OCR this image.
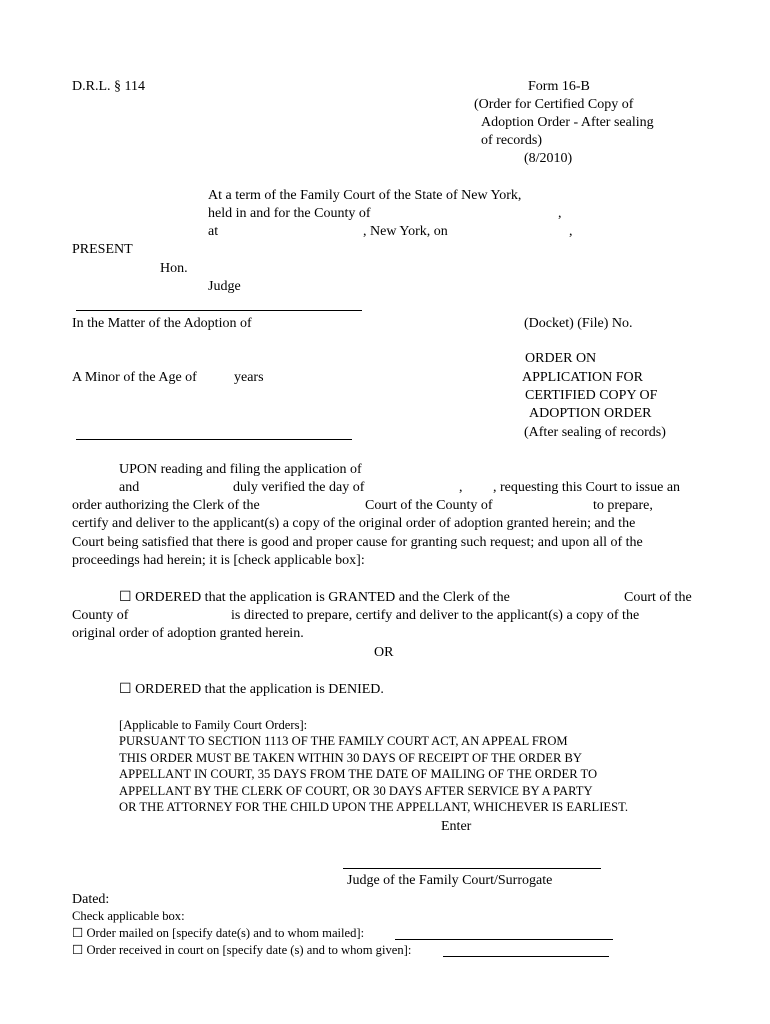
D.R.L. § 114	Form 16-B
(Order for Certified Copy of
Adoption Order - After sealing
of records)
(8/2010)
At a term of the Family Court of the State of New York,
held in and for the County of	,
at	, New York, on	,
PRESENT
Hon.
Judge
In the Matter of the Adoption of	(Docket) (File) No.
ORDER ON
A Minor of the Age of	years	APPLICATION FOR
CERTIFIED COPY OF
ADOPTION ORDER
(After sealing of records)
UPON reading and filing the application of
and	duly verified the day of	, , requesting this Court to issue an
order authorizing the Clerk of the	Court of the County of	to prepare,
certify and deliver to the applicant(s) a copy of the original order of adoption granted herein; and the
Court being satisfied that there is good and proper cause for granting such request; and upon all of the
proceedings had herein; it is [check applicable box]:
☐ ORDERED that the application is GRANTED and the Clerk of the	Court of the
County of	is directed to prepare, certify and deliver to the applicant(s) a copy of the
original order of adoption granted herein.
OR
☐ ORDERED that the application is DENIED.
[Applicable to Family Court Orders]:
PURSUANT TO SECTION 1113 OF THE FAMILY COURT ACT, AN APPEAL FROM
THIS ORDER MUST BE TAKEN WITHIN 30 DAYS OF RECEIPT OF THE ORDER BY
APPELLANT IN COURT, 35 DAYS FROM THE DATE OF MAILING OF THE ORDER TO
APPELLANT BY THE CLERK OF COURT, OR 30 DAYS AFTER SERVICE BY A PARTY
OR THE ATTORNEY FOR THE CHILD UPON THE APPELLANT, WHICHEVER IS EARLIEST.
Enter
Judge of the Family Court/Surrogate
Dated:
Check applicable box:
☐ Order mailed on [specify date(s) and to whom mailed]:
☐ Order received in court on [specify date (s) and to whom given]:
